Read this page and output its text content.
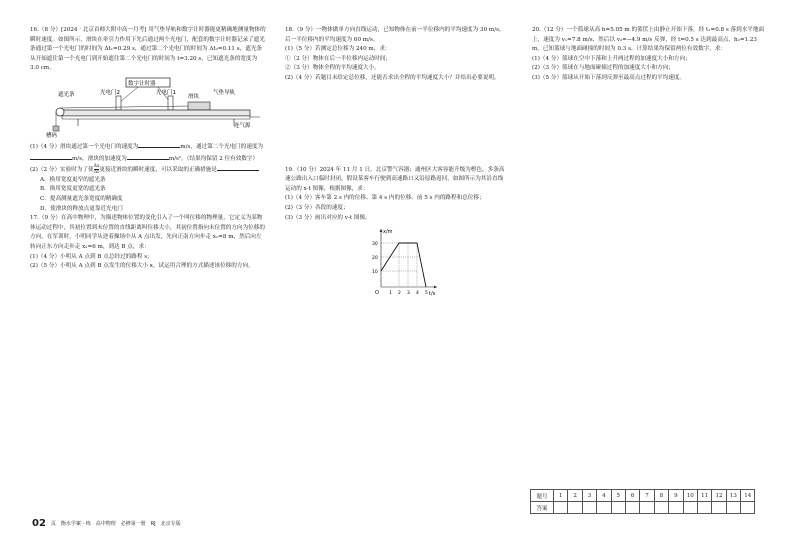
16.（8 分）[2024 · 北京首师大附中高一月考] 用气垫导轨和数字计时器能更精确地测量物体的瞬时速度。如图所示，滑块在牵引力作用下先后通过两个光电门，配套的数字计时器记录了遮光条通过第一个光电门的时间为 Δt₁=0.29 s，通过第二个光电门的时间为 Δt₂=0.11 s，遮光条从开始遮住第一个光电门到开始遮住第二个光电门的时间为 t=3.20 s，已知遮光条的宽度为 3.0 cm。

数字计时器
遮光条	光电门2	光电门1
滑块
气垫导轨
槽码
连气源

(1)（4 分）滑块通过第一个光电门的速度为	m/s，通过第二个光电门的速度为m/s，滑块的加速度为	m/s²。（结果均保留 2 位有效数字）

(2)（2 分）实验时为了使 $\frac{\Delta x}{\Delta t}$ 更接近滑块的瞬时速度，可以采取的正确措施是

A．换用宽度更窄的遮光条

B．换用宽度更宽的遮光条

C．提高测量遮光条宽度的精确度

D．使滑块的释放点更靠近光电门

17.（9 分）在高中物理中，为描述物体位置的变化引入了一个叫位移的物理量，它定义为某物体运动过程中，其初位置到末位置的直线距离叫位移大小，其初位置指向末位置的方向为位移的方向。在军训时，小明同学从逆着操场中从 A 点出发，先向正南方向步走 x₁=8 m，然后向左转向正东方向走步走 x₂=6 m，到达 B 点，求：

(1)（4 分）小明从 A 点到 B 点总经过的路程 s；

(2)（5 分）小明从 A 点到 B 点发生的位移大小 x，试运用合理的方式描述该位移的方向。

18.（9 分）一物体做单方向直线运动，已知物体在前一半位移内的平均速度为 30 m/s，后一半位移内的平均速度为 60 m/s。

(1)（5 分）若测定总位移为 240 m，求：

①（2 分）物体在后一半位移内运动时间；

②（3 分）物体全程的平均速度大小。

(2)（4 分）若题目未给定总位移，还能否求出全程的平均速度大小？并给出必要说明。

19.（10 分）2024 年 11 月 1 日，北京警气容器；通州区大客容能升级为橙色，多条高速公路出入口临时封闭，假设某客车行驶到高速路口又沿原路返回，如图所示为其沿直线运动的 x-t 图像，根据图像，求：

(1)（4 分）客车第 2 s 内的位移、第 4 s 内的位移、前 5 s 内的路程和总位移；

(2)（3 分）各段的速度；

(3)（3 分）画出对应的 v-t 图像。

x/m
t/s
O
30
20
10
1 2 3 4 5

20.（12 分）一个篮球从高 h=5.05 m 的篮筐上由静止开始下落，经 t₁=0.8 s 落到水平地面上，速度为 v₁=7.8 m/s，然后以 v₂=−4.9 m/s 反弹，经 t=0.5 s 达到最高点，h₂=1.23 m，已知篮球与地面碰撞的时间为 0.3 s，计算结果均保留两位有效数字，求：

(1)（4 分）篮球在空中下落和上升两过程的加速度大小和方向；

(2)（3 分）篮球在与地面碰撞过程的加速度大小和方向；

(3)（5 分）篮球从开始下落到反弹至最高点过程的平均速度。

题号	1	2	3	4	5	6	7	8	9	10	11	12	13	14
答案														
02 页　衡水学案 · 练　高中物理　必修第一册　RJ　北京专版
